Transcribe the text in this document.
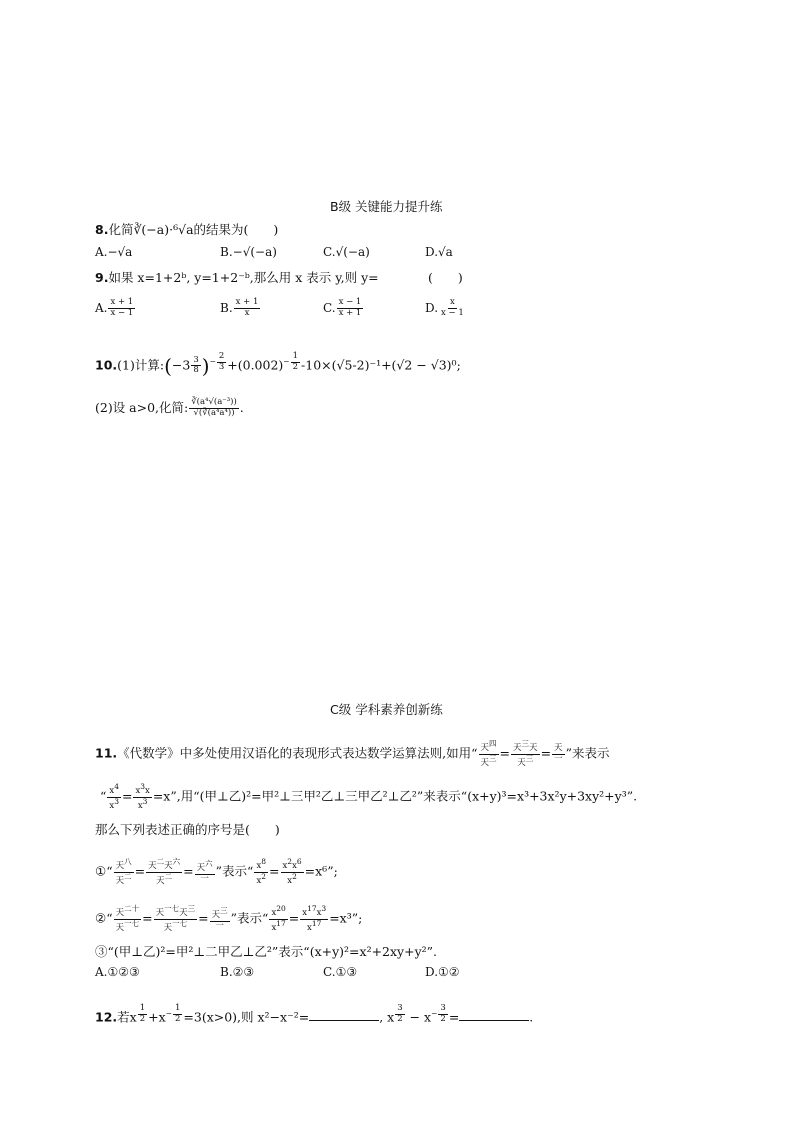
B级 关键能力提升练
8.化简∛(−a)·⁶√a的结果为(　　)
A.−√a	B.−√(−a)	C.√(−a)	D.√a
9.如果 x=1+2ᵇ, y=1+2⁻ᵇ,那么用 x 表示 y,则 y=	(　　)
A. $\frac{x + 1}{x - 1}$	B. $\frac{x + 1}{x}$	C. $\frac{x - 1}{x + 1}$	D. $\frac{x}{x - 1}$
10.(1)计算:(−3 $\frac{3}{8} )^{- \frac{2}{3}} +(0.002)^{- \frac{1}{2}}$ -10×(√5-2)⁻¹+(√2 − √3)⁰;
(2)设 a>0,化简: $\frac{\text{∛(a⁴√(a⁻³))}}{\text{√(∛(a⁴a⁴))}}$ .
C级 学科素养创新练
11.《代数学》中多处使用汉语化的表现形式表达数学运算法则,如用“ $\frac{天^四}{天^三} = \frac{天^三天}{天^三} = \frac{\text{天}}{\text{一}}$ ”来表示
“ $\frac{x^4}{x^3} = \frac{x^3x}{x^3} =x$”,用“(甲⊥乙)²=甲²⊥三甲²乙⊥三甲乙²⊥乙²”来表示“(x+y)³=x³+3x²y+3xy²+y³”.
那么下列表述正确的序号是(　　)
①“ $\frac{天^八}{天^二} = \frac{天^二天^六}{天^二} = \frac{天^六}{\text{一}}$ ”表示“ $\frac{x^8}{x^2} = \frac{x^2x^6}{x^2} =x^6$”;
②“ $\frac{天^{二十}}{天^{一七}} = \frac{天^{一七}天^三}{天^{一七}} = \frac{天^三}{\text{一}}$ ”表示“ $\frac{x^{20}}{x^{17}} = \frac{x^{17}x^3}{x^{17}} =x^3$”;
③“(甲⊥乙)²=甲²⊥二甲乙⊥乙²”表示“(x+y)²=x²+2xy+y²”.
A.①②③	B.②③	C.①③	D.①②
12.若x $^{\frac{1}{2}} +x^{- \frac{1}{2}} =3(x>0)$,则 x²−x⁻²=	, x $^{\frac{3}{2}} - x^{- \frac{3}{2}}$ =	.
